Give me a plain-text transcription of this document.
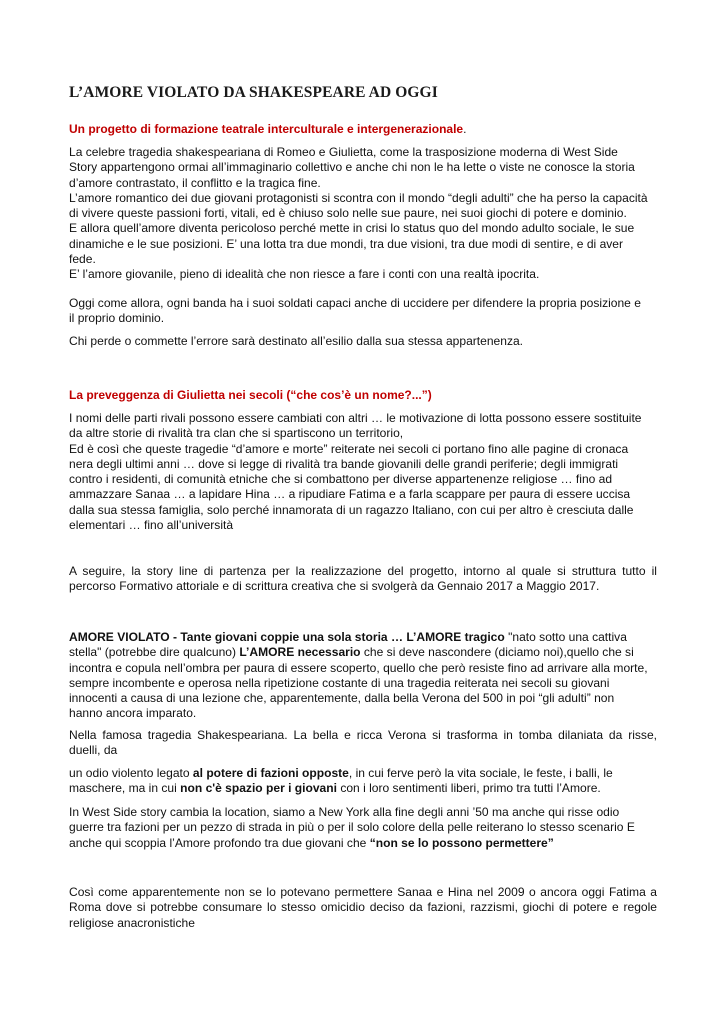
L’AMORE VIOLATO DA SHAKESPEARE AD OGGI

Un progetto di formazione teatrale interculturale e intergenerazionale.

La celebre tragedia shakespeariana di Romeo e Giulietta, come la trasposizione moderna di West Side
Story appartengono ormai all’immaginario collettivo e anche chi non le ha lette o viste ne conosce la storia
d’amore contrastato, il conflitto e la tragica fine.
L’amore romantico dei due giovani protagonisti si scontra con il mondo “degli adulti” che ha perso la capacità
di vivere queste passioni forti, vitali, ed è chiuso solo nelle sue paure, nei suoi giochi di potere e dominio.
E allora quell’amore diventa pericoloso perché mette in crisi lo status quo del mondo adulto sociale, le sue
dinamiche e le sue posizioni. E’ una lotta tra due mondi, tra due visioni, tra due modi di sentire, e di aver
fede.
E’ l’amore giovanile, pieno di idealità che non riesce a fare i conti con una realtà ipocrita.
Oggi come allora, ogni banda ha i suoi soldati capaci anche di uccidere per difendere la propria posizione e
il proprio dominio.
Chi perde o commette l’errore sarà destinato all’esilio dalla sua stessa appartenenza.

La preveggenza di Giulietta nei secoli (“che cos’è un nome?...”)

I nomi delle parti rivali possono essere cambiati con altri … le motivazione di lotta possono essere sostituite
da altre storie di rivalità tra clan che si spartiscono un territorio,
Ed è così che queste tragedie “d’amore e morte” reiterate nei secoli ci portano fino alle pagine di cronaca
nera degli ultimi anni … dove si legge di rivalità tra bande giovanili delle grandi periferie; degli immigrati
contro i residenti, di comunità etniche che si combattono per diverse appartenenze religiose … fino ad
ammazzare Sanaa … a lapidare Hina … a ripudiare Fatima e a farla scappare per paura di essere uccisa
dalla sua stessa famiglia, solo perché innamorata di un ragazzo Italiano, con cui per altro è cresciuta dalle
elementari … fino all’università
A seguire, la story line di partenza per la realizzazione del progetto, intorno al quale si struttura tutto il
percorso Formativo attoriale e di scrittura creativa che si svolgerà da Gennaio 2017 a Maggio 2017.
AMORE VIOLATO - Tante giovani coppie una sola storia … L’AMORE tragico "nato sotto una cattiva
stella" (potrebbe dire qualcuno) L’AMORE necessario che si deve nascondere (diciamo noi),quello che si
incontra e copula nell’ombra per paura di essere scoperto, quello che però resiste fino ad arrivare alla morte,
sempre incombente e operosa nella ripetizione costante di una tragedia reiterata nei secoli su giovani
innocenti a causa di una lezione che, apparentemente, dalla bella Verona del 500 in poi “gli adulti” non
hanno ancora imparato.
Nella famosa tragedia Shakespeariana. La bella e ricca Verona si trasforma in tomba dilaniata da risse,
duelli, da
un odio violento legato al potere di fazioni opposte, in cui ferve però la vita sociale, le feste, i balli, le
maschere, ma in cui non c'è spazio per i giovani con i loro sentimenti liberi, primo tra tutti l’Amore.
In West Side story cambia la location, siamo a New York alla fine degli anni ’50 ma anche qui risse odio
guerre tra fazioni per un pezzo di strada in più o per il solo colore della pelle reiterano lo stesso scenario E
anche qui scoppia l’Amore profondo tra due giovani che “non se lo possono permettere”
Così come apparentemente non se lo potevano permettere Sanaa e Hina nel 2009 o ancora oggi Fatima a
Roma dove si potrebbe consumare lo stesso omicidio deciso da fazioni, razzismi, giochi di potere e regole
religiose anacronistiche
